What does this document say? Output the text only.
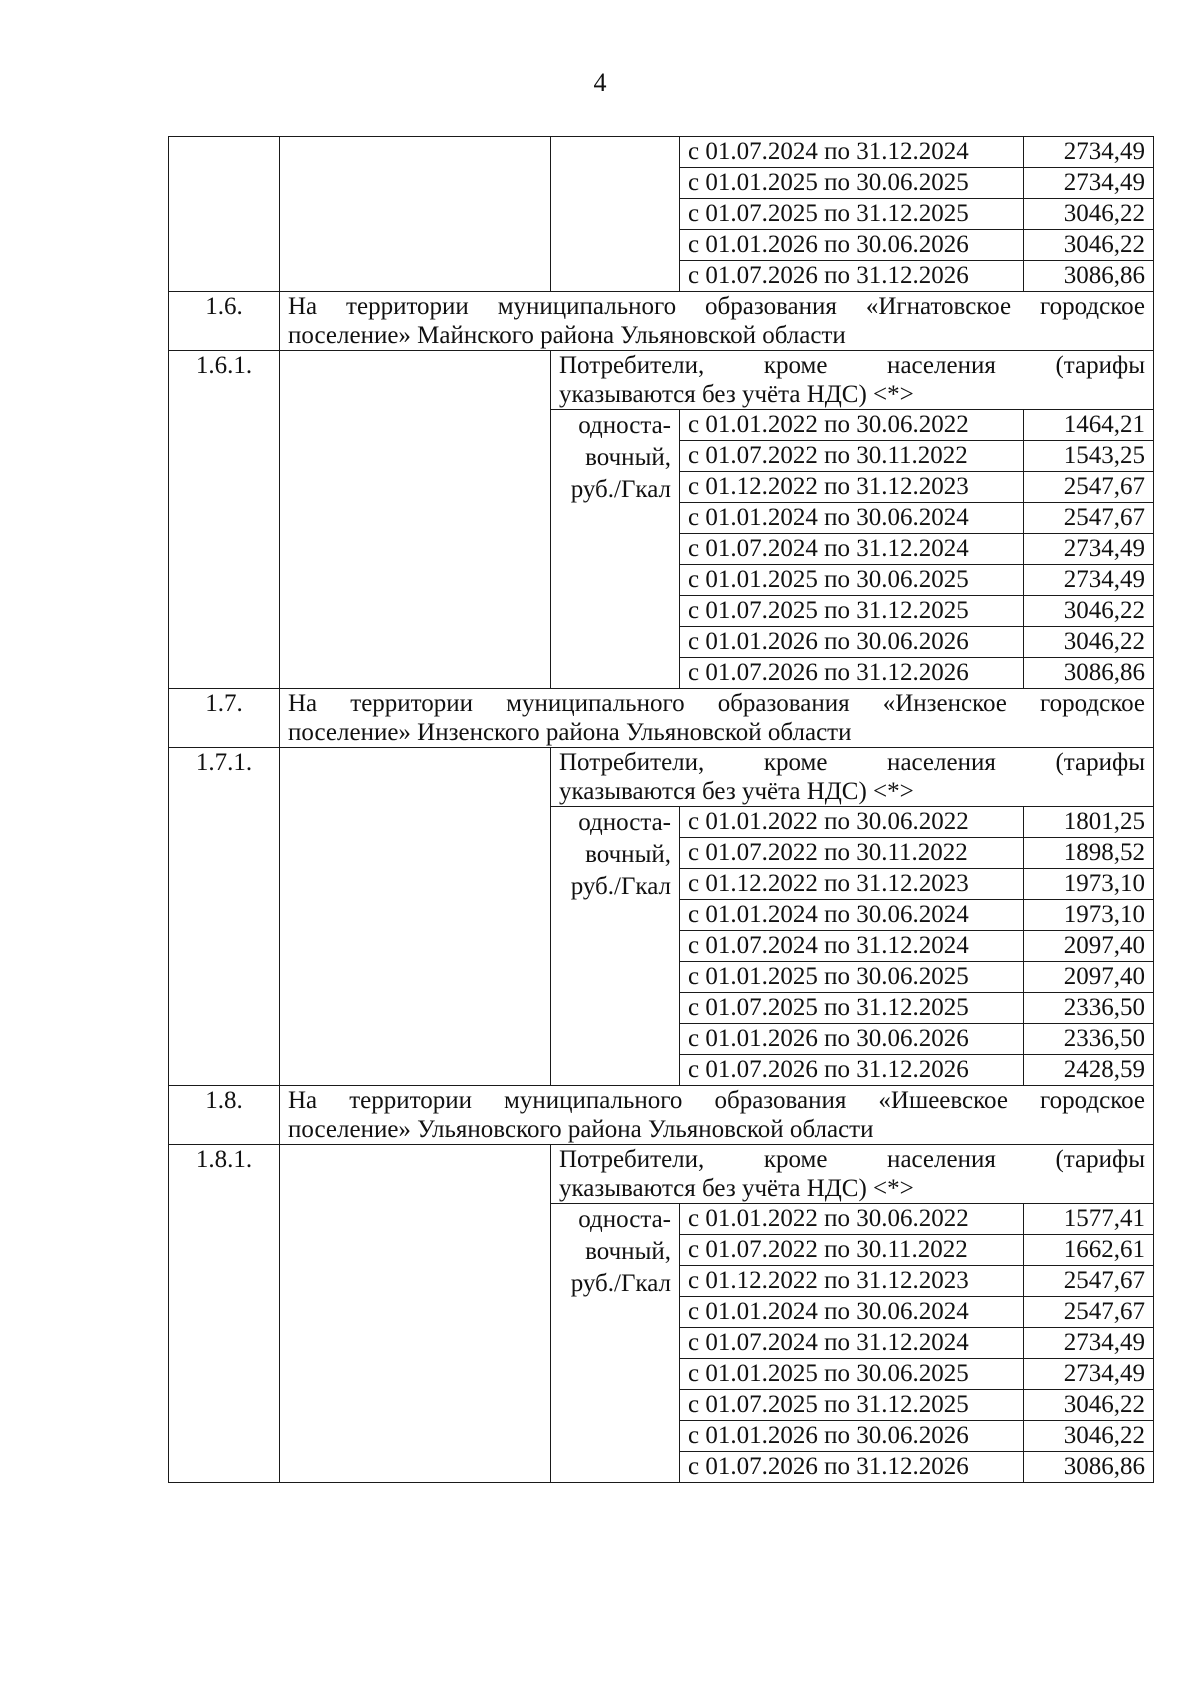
4
			с 01.07.2024 по 31.12.2024	2734,49
			с 01.01.2025 по 30.06.2025	2734,49
			с 01.07.2025 по 31.12.2025	3046,22
			с 01.01.2026 по 30.06.2026	3046,22
			с 01.07.2026 по 31.12.2026	3086,86
1.6.	На территории муниципального образования «Игнатовское городское
поселение» Майнского района Ульяновской области			

1.6.1.		Потребители, кроме населения (тарифы
указываются без учёта НДС) <*>		

		односта-вочный, руб./Гкал	с 01.01.2022 по 30.06.2022	1464,21
			с 01.07.2022 по 30.11.2022	1543,25
			с 01.12.2022 по 31.12.2023	2547,67
			с 01.01.2024 по 30.06.2024	2547,67
			с 01.07.2024 по 31.12.2024	2734,49
			с 01.01.2025 по 30.06.2025	2734,49
			с 01.07.2025 по 31.12.2025	3046,22
			с 01.01.2026 по 30.06.2026	3046,22
			с 01.07.2026 по 31.12.2026	3086,86
1.7.	На территории муниципального образования «Инзенское городское
поселение» Инзенского района Ульяновской области			

1.7.1.		Потребители, кроме населения (тарифы
указываются без учёта НДС) <*>		

		односта-вочный, руб./Гкал	с 01.01.2022 по 30.06.2022	1801,25
			с 01.07.2022 по 30.11.2022	1898,52
			с 01.12.2022 по 31.12.2023	1973,10
			с 01.01.2024 по 30.06.2024	1973,10
			с 01.07.2024 по 31.12.2024	2097,40
			с 01.01.2025 по 30.06.2025	2097,40
			с 01.07.2025 по 31.12.2025	2336,50
			с 01.01.2026 по 30.06.2026	2336,50
			с 01.07.2026 по 31.12.2026	2428,59
1.8.	На территории муниципального образования «Ишеевское городское
поселение» Ульяновского района Ульяновской области			

1.8.1.		Потребители, кроме населения (тарифы
указываются без учёта НДС) <*>		

		односта-вочный, руб./Гкал	с 01.01.2022 по 30.06.2022	1577,41
			с 01.07.2022 по 30.11.2022	1662,61
			с 01.12.2022 по 31.12.2023	2547,67
			с 01.01.2024 по 30.06.2024	2547,67
			с 01.07.2024 по 31.12.2024	2734,49
			с 01.01.2025 по 30.06.2025	2734,49
			с 01.07.2025 по 31.12.2025	3046,22
			с 01.01.2026 по 30.06.2026	3046,22
			с 01.07.2026 по 31.12.2026	3086,86
